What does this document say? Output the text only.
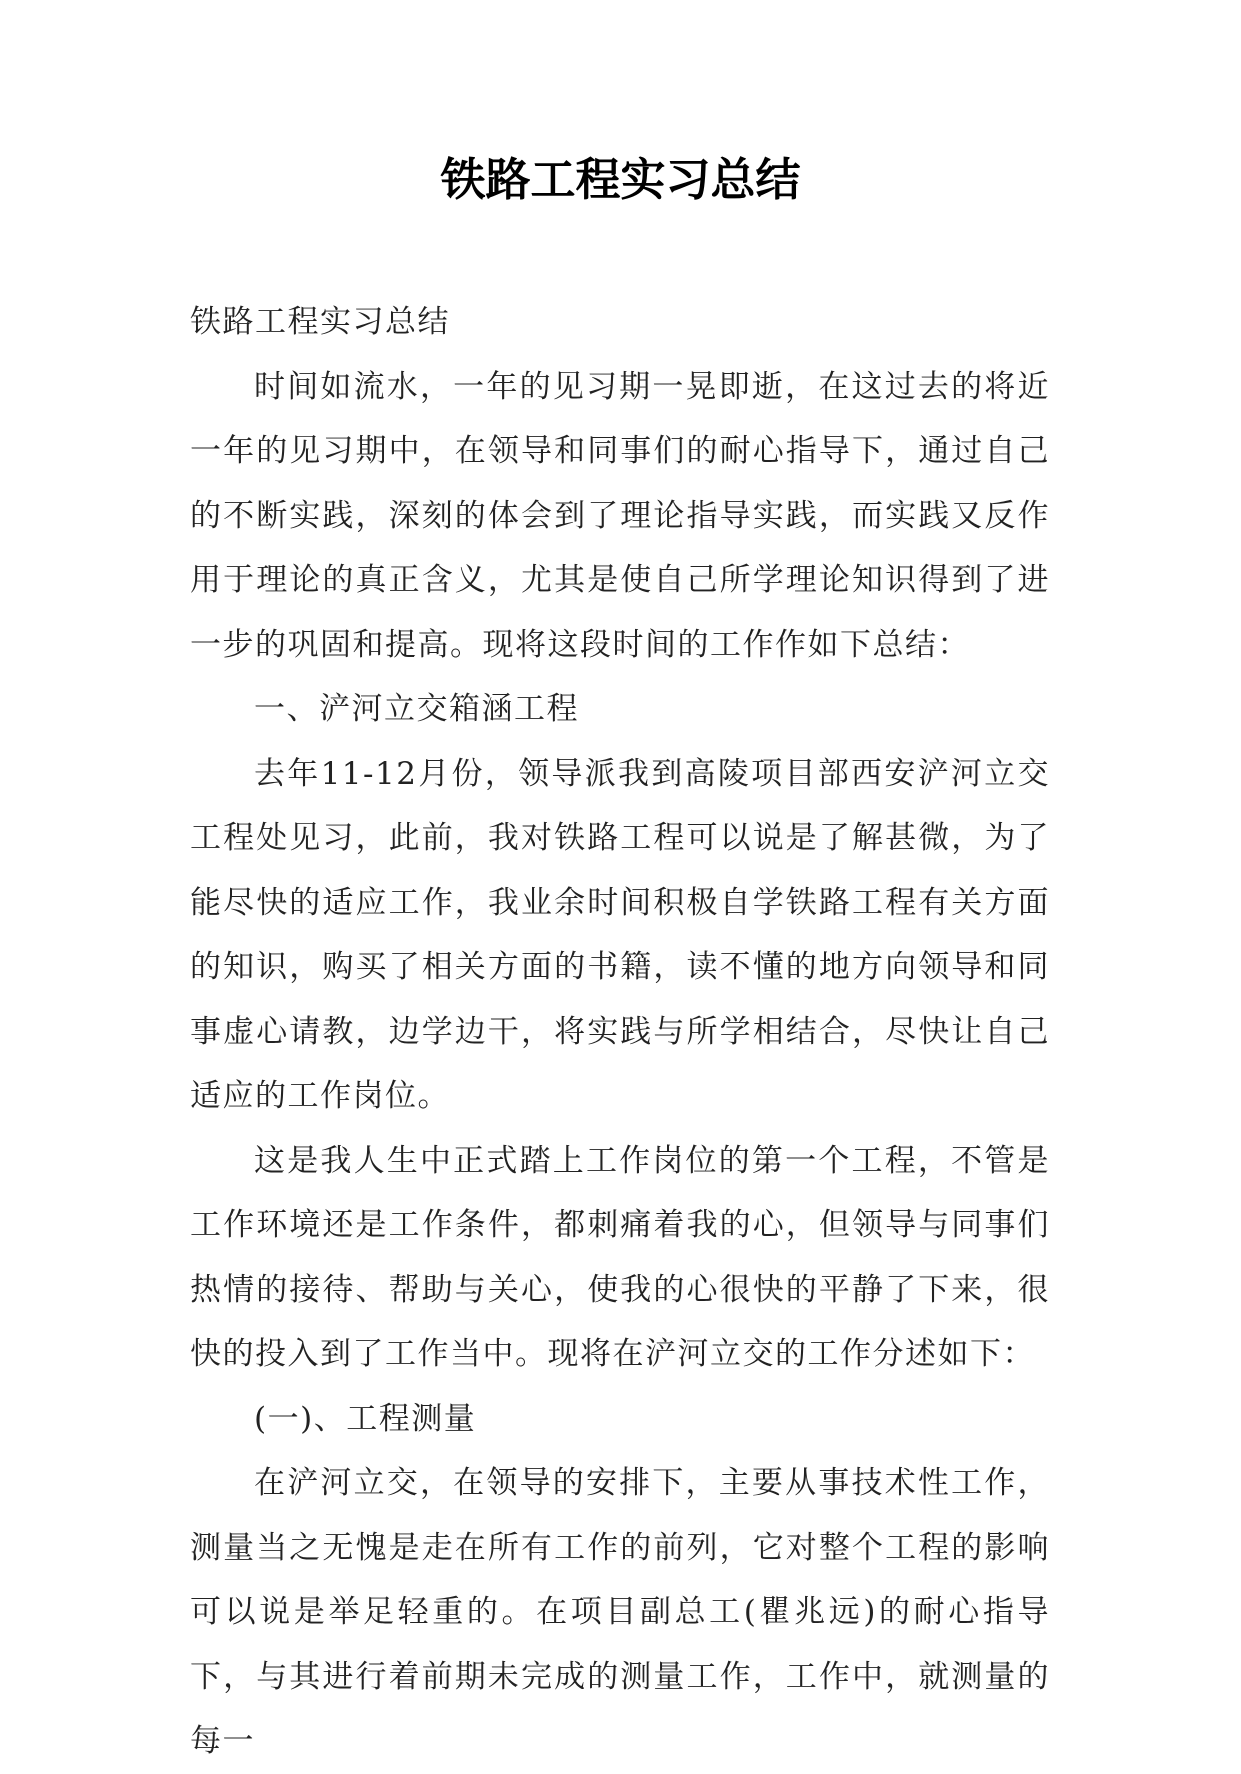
铁路工程实习总结

铁路工程实习总结

时间如流水，一年的见习期一晃即逝，在这过去的将近一年的见习期中，在领导和同事们的耐心指导下，通过自己的不断实践，深刻的体会到了理论指导实践，而实践又反作用于理论的真正含义，尤其是使自己所学理论知识得到了进一步的巩固和提高。现将这段时间的工作作如下总结：

一、浐河立交箱涵工程

去年11-12月份，领导派我到高陵项目部西安浐河立交工程处见习，此前，我对铁路工程可以说是了解甚微，为了能尽快的适应工作，我业余时间积极自学铁路工程有关方面的知识，购买了相关方面的书籍，读不懂的地方向领导和同事虚心请教，边学边干，将实践与所学相结合，尽快让自己适应的工作岗位。

这是我人生中正式踏上工作岗位的第一个工程，不管是工作环境还是工作条件，都刺痛着我的心，但领导与同事们热情的接待、帮助与关心，使我的心很快的平静了下来，很快的投入到了工作当中。现将在浐河立交的工作分述如下：

(一)、工程测量

在浐河立交，在领导的安排下，主要从事技术性工作，测量当之无愧是走在所有工作的前列，它对整个工程的影响可以说是举足轻重的。在项目副总工(瞿兆远)的耐心指导下，与其进行着前期未完成的测量工作，工作中，就测量的每一
